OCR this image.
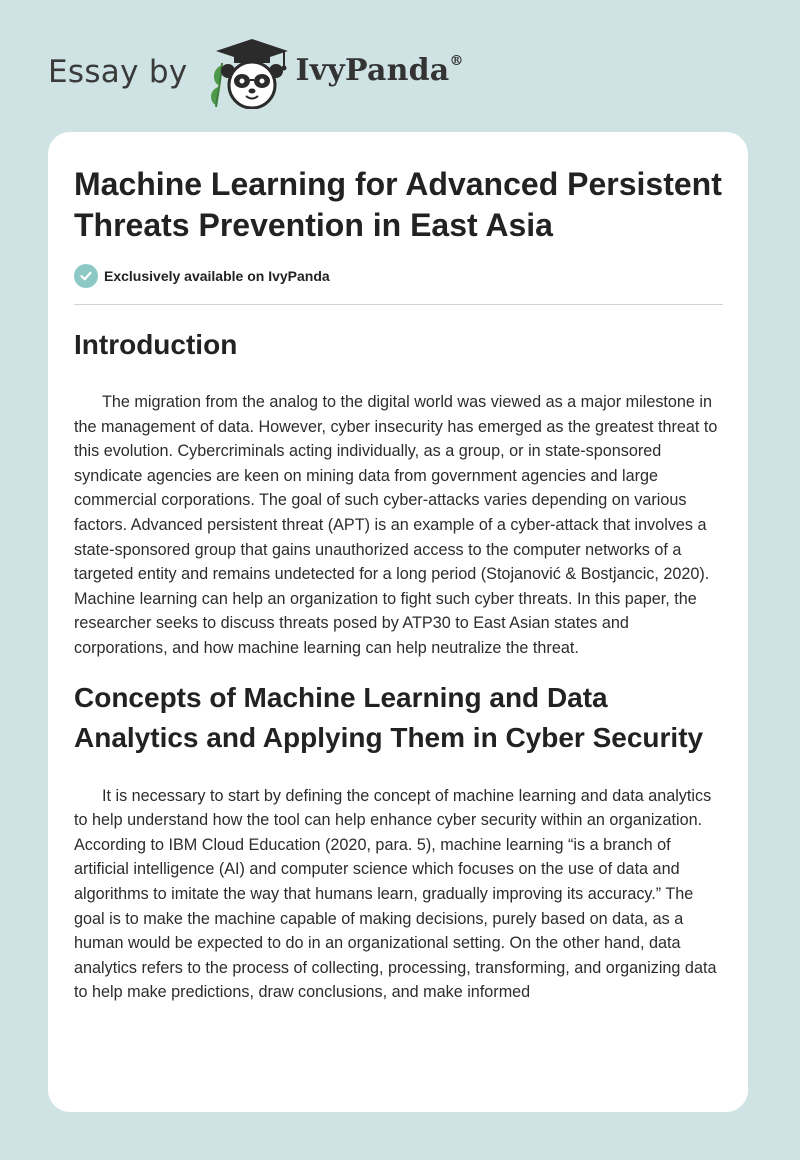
Essay by	IvyPanda®
Machine Learning for Advanced Persistent Threats Prevention in East Asia
Exclusively available on IvyPanda
Introduction

The migration from the analog to the digital world was viewed as a major milestone in the management of data. However, cyber insecurity has emerged as the greatest threat to this evolution. Cybercriminals acting individually, as a group, or in state-sponsored syndicate agencies are keen on mining data from government agencies and large commercial corporations. The goal of such cyber-attacks varies depending on various factors. Advanced persistent threat (APT) is an example of a cyber-attack that involves a state-sponsored group that gains unauthorized access to the computer networks of a targeted entity and remains undetected for a long period (Stojanović & Bostjancic, 2020). Machine learning can help an organization to fight such cyber threats. In this paper, the researcher seeks to discuss threats posed by ATP30 to East Asian states and corporations, and how machine learning can help neutralize the threat.

Concepts of Machine Learning and Data Analytics and Applying Them in Cyber Security

It is necessary to start by defining the concept of machine learning and data analytics to help understand how the tool can help enhance cyber security within an organization. According to IBM Cloud Education (2020, para. 5), machine learning “is a branch of artificial intelligence (AI) and computer science which focuses on the use of data and algorithms to imitate the way that humans learn, gradually improving its accuracy.” The goal is to make the machine capable of making decisions, purely based on data, as a human would be expected to do in an organizational setting. On the other hand, data analytics refers to the process of collecting, processing, transforming, and organizing data to help make predictions, draw conclusions, and make informed
